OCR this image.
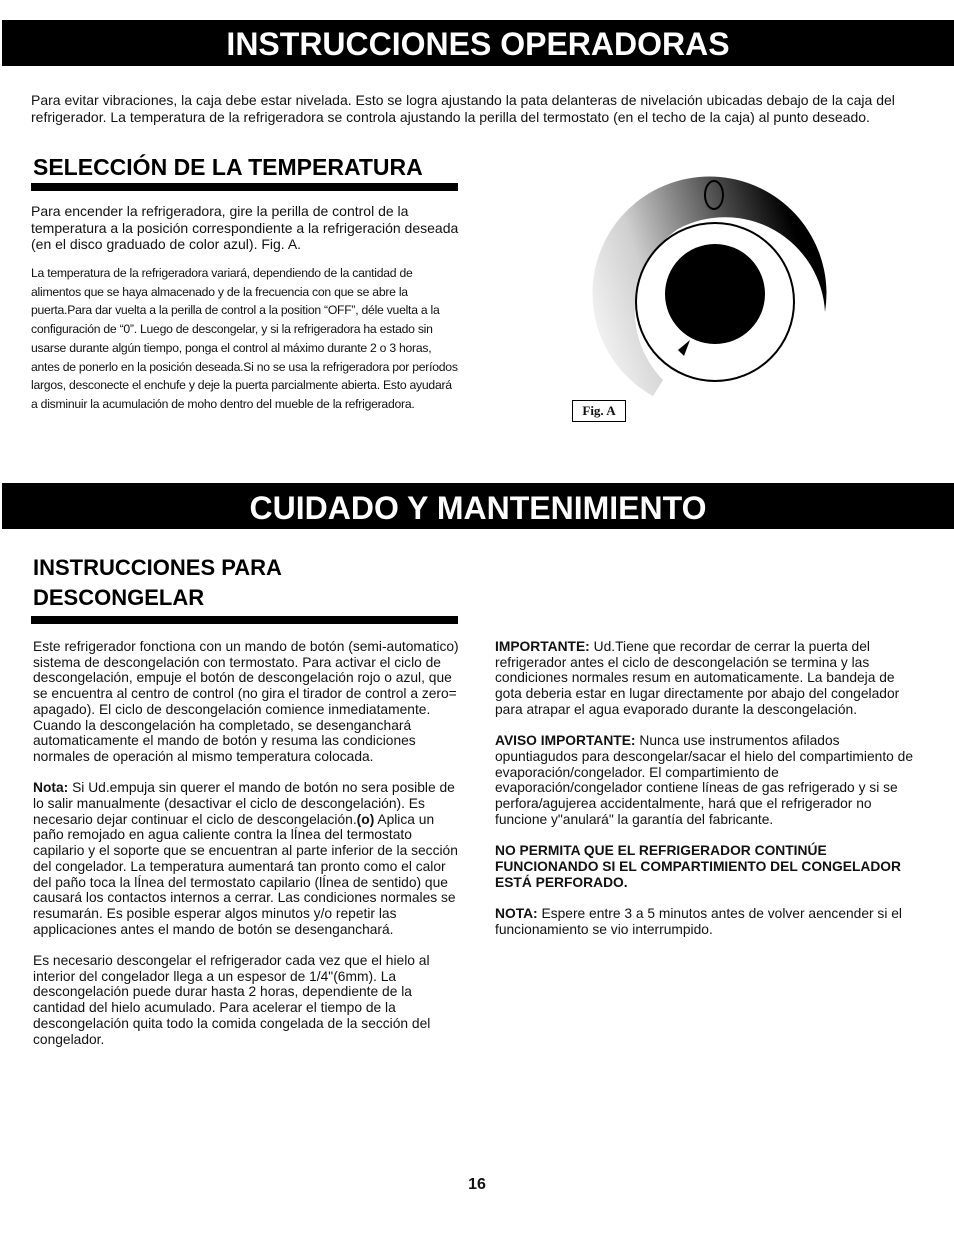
INSTRUCCIONES OPERADORAS
Para evitar vibraciones, la caja debe estar nivelada. Esto se logra ajustando la pata delanteras de nivelación ubicadas debajo de la caja del refrigerador. La temperatura de la refrigeradora se controla ajustando la perilla del termostato (en el techo de la caja) al punto deseado.
SELECCIÓN DE LA TEMPERATURA
Para encender la refrigeradora, gire la perilla de control de la temperatura a la posición correspondiente a la refrigeración deseada (en el disco graduado de color azul). Fig. A.
La temperatura de la refrigeradora variará, dependiendo de la cantidad de alimentos que se haya almacenado y de la frecuencia con que se abre la puerta.Para dar vuelta a la perilla de control a la position “OFF”, déle vuelta a la configuración de “0”. Luego de descongelar, y si la refrigeradora ha estado sin usarse durante algún tiempo, ponga el control al máximo durante 2 o 3 horas, antes de ponerlo en la posición deseada.Si no se usa la refrigeradora por períodos largos, desconecte el enchufe y deje la puerta parcialmente abierta. Esto ayudará a disminuir la acumulación de moho dentro del mueble de la refrigeradora.	Fig. A
CUIDADO Y MANTENIMIENTO
INSTRUCCIONES PARA DESCONGELAR

Este refrigerador fonctiona con un mando de botón (semi-automatico) sistema de descongelación con termostato. Para activar el ciclo de descongelación, empuje el botón de descongelación rojo o azul, que se encuentra al centro de control (no gira el tirador de control a zero= apagado). El ciclo de descongelación comience inmediatamente. Cuando la descongelación ha completado, se desenganchará automaticamente el mando de botón y resuma las condiciones normales de operación al mismo temperatura colocada.

Nota: Si Ud.empuja sin querer el mando de botón no sera posible de lo salir manualmente (desactivar el ciclo de descongelación). Es necesario dejar continuar el ciclo de descongelación.(o) Aplica un paño remojado en agua caliente contra la lÍnea del termostato capilario y el soporte que se encuentran al parte inferior de la sección del congelador. La temperatura aumentará tan pronto como el calor del paño toca la lÍnea del termostato capilario (lÍnea de sentido) que causará los contactos internos a cerrar. Las condiciones normales se resumarán. Es posible esperar algos minutos y/o repetir las applicaciones antes el mando de botón se desenganchará.

Es necesario descongelar el refrigerador cada vez que el hielo al interior del congelador llega a un espesor de 1/4"(6mm). La descongelación puede durar hasta 2 horas, dependiente de la cantidad del hielo acumulado. Para acelerar el tiempo de la descongelación quita todo la comida congelada de la sección del congelador.

IMPORTANTE: Ud.Tiene que recordar de cerrar la puerta del refrigerador antes el ciclo de descongelación se termina y las condiciones normales resum en automaticamente. La bandeja de gota deberia estar en lugar directamente por abajo del congelador para atrapar el agua evaporado durante la descongelación.

AVISO IMPORTANTE: Nunca use instrumentos afilados opuntiagudos para descongelar/sacar el hielo del compartimiento de evaporación/congelador. El compartimiento de evaporación/congelador contiene líneas de gas refrigerado y si se perfora/agujerea accidentalmente, hará que el refrigerador no funcione y"anulará" la garantía del fabricante.

NO PERMITA QUE EL REFRIGERADOR CONTINÚE FUNCIONANDO SI EL COMPARTIMIENTO DEL CONGELADOR ESTÁ PERFORADO.

NOTA: Espere entre 3 a 5 minutos antes de volver aencender si el funcionamiento se vio interrumpido.

16
